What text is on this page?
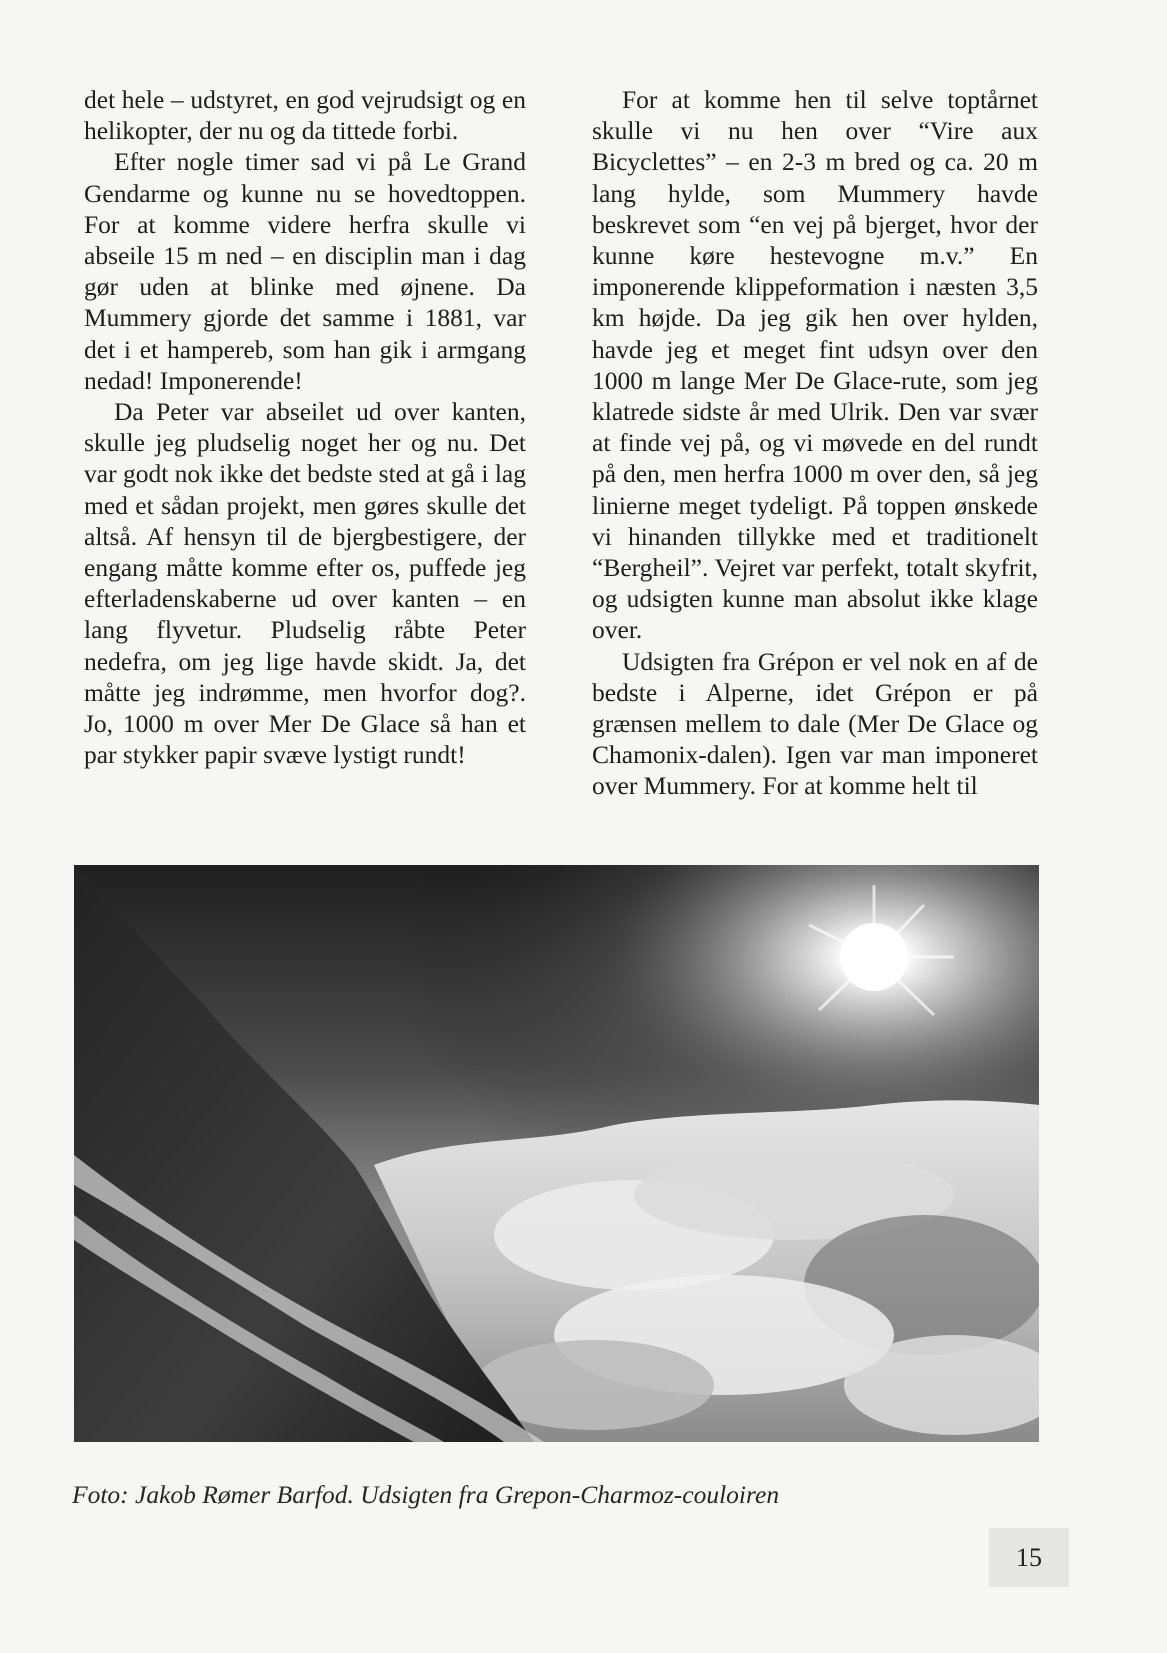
det hele – udstyret, en god vejrudsigt og en helikopter, der nu og da tittede forbi.

Efter nogle timer sad vi på Le Grand Gendarme og kunne nu se hovedtoppen. For at komme videre herfra skulle vi abseile 15 m ned – en disciplin man i dag gør uden at blinke med øjnene. Da Mummery gjorde det samme i 1881, var det i et hampereb, som han gik i armgang nedad! Imponerende!

Da Peter var abseilet ud over kanten, skulle jeg pludselig noget her og nu. Det var godt nok ikke det bedste sted at gå i lag med et sådan projekt, men gøres skulle det altså. Af hensyn til de bjergbestigere, der engang måtte komme efter os, puffede jeg efterladenskaberne ud over kanten – en lang flyvetur. Pludselig råbte Peter nedefra, om jeg lige havde skidt. Ja, det måtte jeg indrømme, men hvorfor dog?. Jo, 1000 m over Mer De Glace så han et par stykker papir svæve lystigt rundt!

For at komme hen til selve toptårnet skulle vi nu hen over “Vire aux Bicyclettes” – en 2-3 m bred og ca. 20 m lang hylde, som Mummery havde beskrevet som “en vej på bjerget, hvor der kunne køre hestevogne m.v.” En imponerende klippeformation i næsten 3,5 km højde. Da jeg gik hen over hylden, havde jeg et meget fint udsyn over den 1000 m lange Mer De Glace-rute, som jeg klatrede sidste år med Ulrik. Den var svær at finde vej på, og vi møvede en del rundt på den, men herfra 1000 m over den, så jeg linierne meget tydeligt. På toppen ønskede vi hinanden tillykke med et traditionelt “Bergheil”. Vejret var perfekt, totalt skyfrit, og udsigten kunne man absolut ikke klage over.

Udsigten fra Grépon er vel nok en af de bedste i Alperne, idet Grépon er på grænsen mellem to dale (Mer De Glace og Chamonix-dalen). Igen var man imponeret over Mummery. For at komme helt til

Foto: Jakob Rømer Barfod. Udsigten fra Grepon-Charmoz-couloiren
15
